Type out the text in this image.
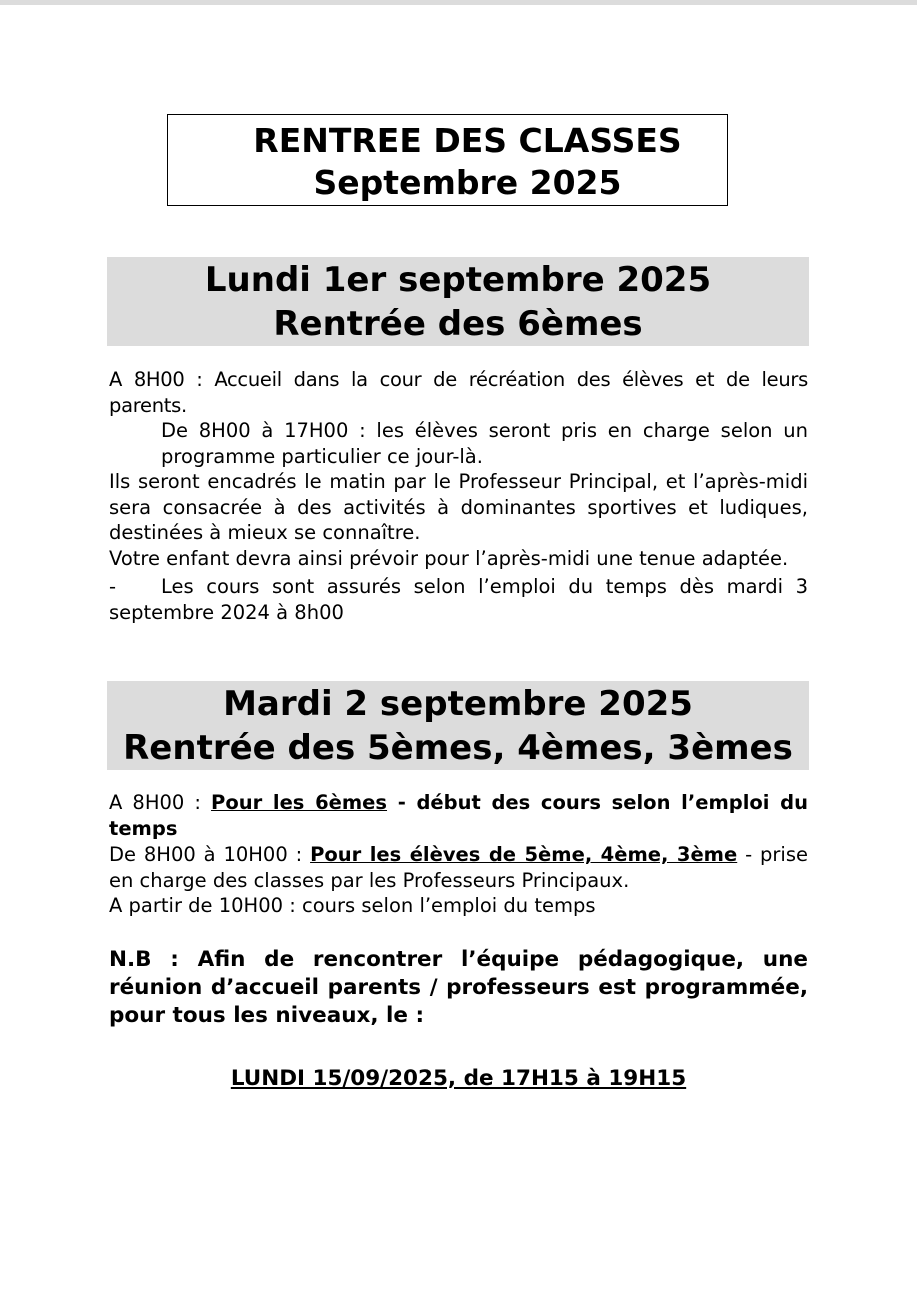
RENTREE DES CLASSES
Septembre 2025
Lundi 1er septembre 2025
Rentrée des 6èmes
A 8H00 : Accueil dans la cour de récréation des élèves et de leurs parents.
De 8H00 à 17H00 : les élèves seront pris en charge selon un programme particulier ce jour-là.
Ils seront encadrés le matin par le Professeur Principal, et l’après-midi sera consacrée à des activités à dominantes sportives et ludiques, destinées à mieux se connaître.
Votre enfant devra ainsi prévoir pour l’après-midi une tenue adaptée.
- Les cours sont assurés selon l’emploi du temps dès mardi 3 septembre 2024 à 8h00
Mardi 2 septembre 2025
Rentrée des 5èmes, 4èmes, 3èmes
A 8H00 : Pour les 6èmes - début des cours selon l’emploi du temps
De 8H00 à 10H00 : Pour les élèves de 5ème, 4ème, 3ème - prise en charge des classes par les Professeurs Principaux.
A partir de 10H00 : cours selon l’emploi du temps
N.B : Afin de rencontrer l’équipe pédagogique, une réunion d’accueil parents / professeurs est programmée, pour tous les niveaux, le :
LUNDI 15/09/2025, de 17H15 à 19H15
